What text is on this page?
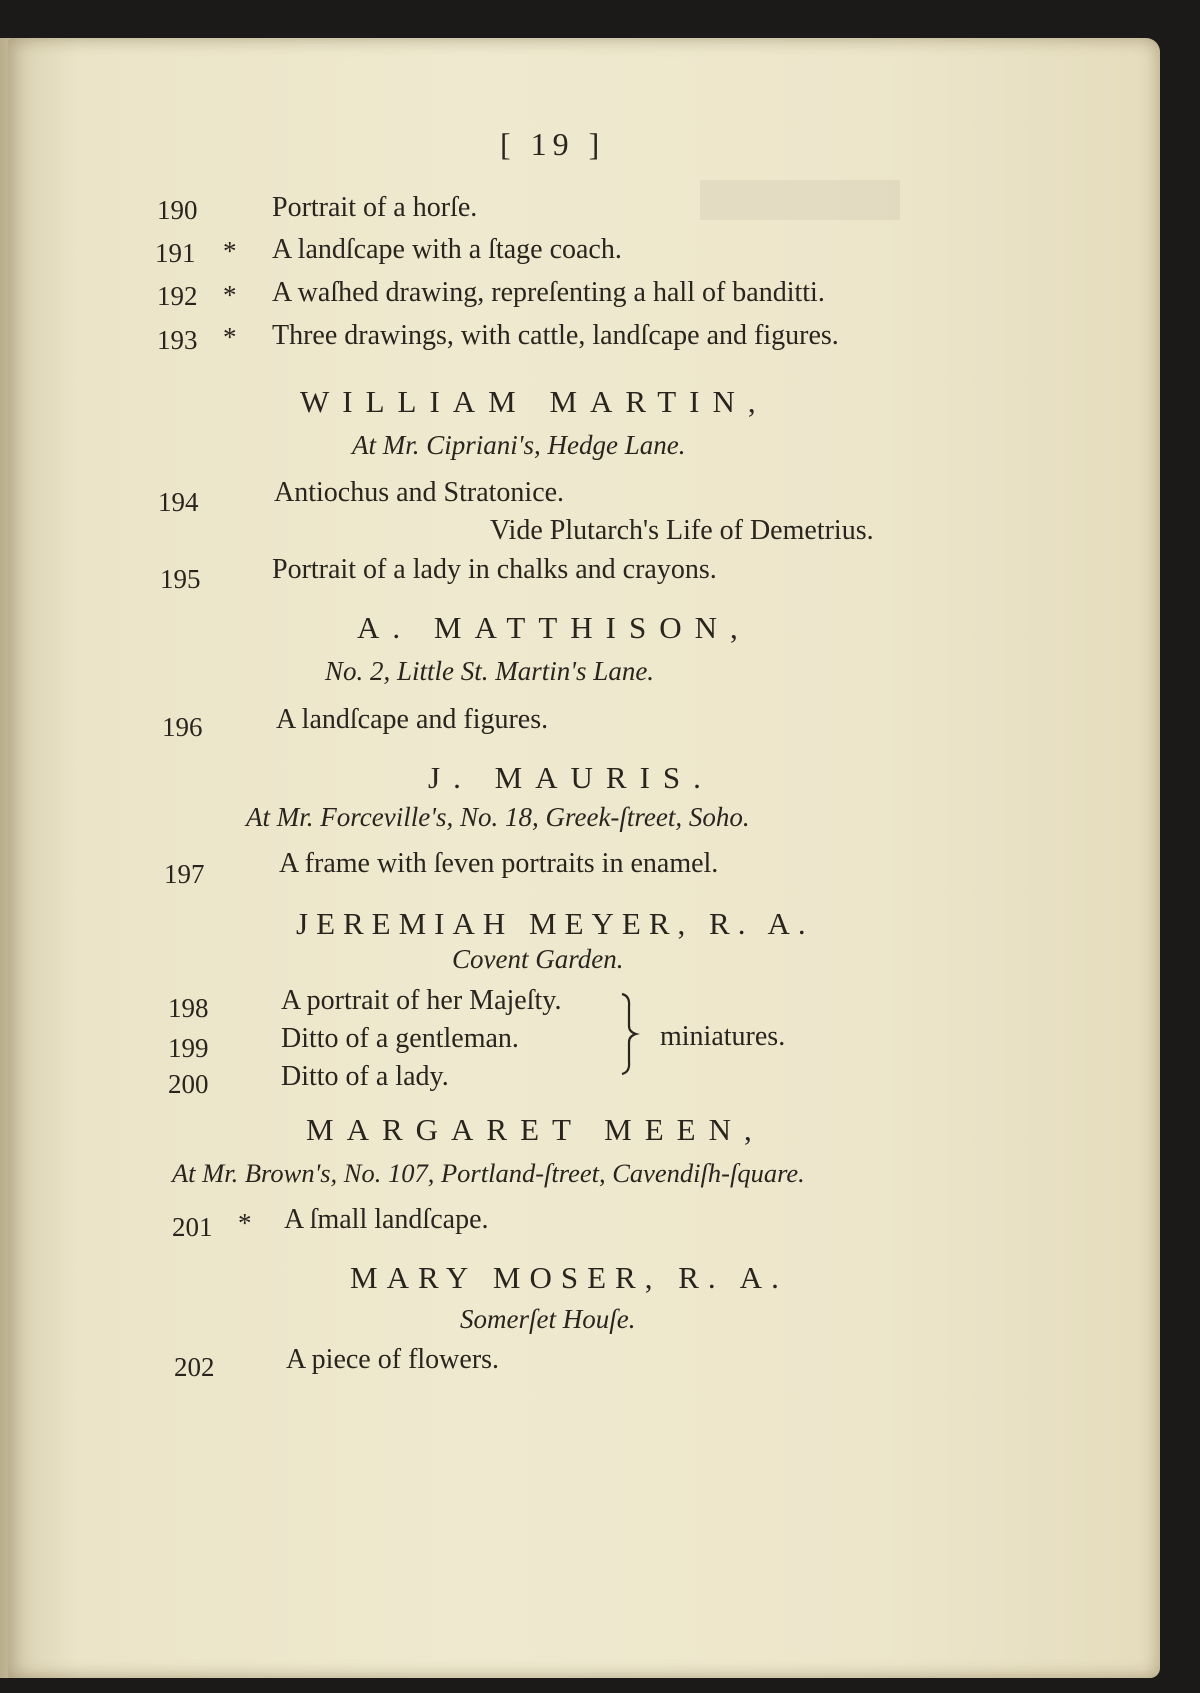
[ 19 ]
190	Portrait of a horſe.
191 * A landſcape with a ſtage coach.
192 * A waſhed drawing, repreſenting a hall of banditti.
193 * Three drawings, with cattle, landſcape and figures.
WILLIAM MARTIN,
At Mr. Cipriani's, Hedge Lane.
194	Antiochus and Stratonice.
Vide Plutarch's Life of Demetrius.
195	Portrait of a lady in chalks and crayons.
A. MATTHISON,
No. 2, Little St. Martin's Lane.
196	A landſcape and figures.
J. MAURIS.
At Mr. Forceville's, No. 18, Greek-ſtreet, Soho.
197	A frame with ſeven portraits in enamel.
JEREMIAH MEYER, R. A.
Covent Garden.
198	A portrait of her Majeſty.
199	Ditto of a gentleman.
200	Ditto of a lady.
miniatures.
MARGARET MEEN,
At Mr. Brown's, No. 107, Portland-ſtreet, Cavendiſh-ſquare.
201 * A ſmall landſcape.
MARY MOSER, R. A.
Somerſet Houſe.
202	A piece of flowers.
